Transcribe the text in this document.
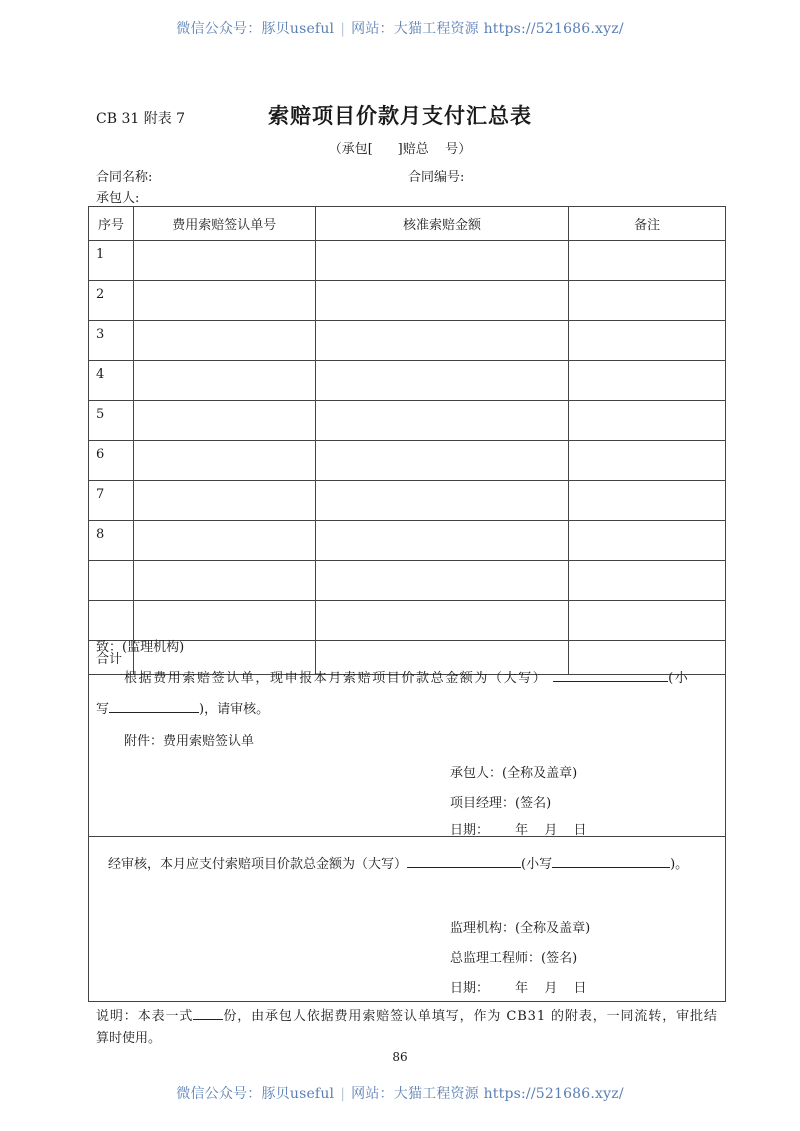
微信公众号：豚贝useful | 网站：大猫工程资源 https://521686.xyz/
CB 31 附表 7	索赔项目价款月支付汇总表
（承包[      ]赔总    号）
合同名称:	合同编号:
承包人:
序号	费用索赔签认单号	核准索赔金额	备注
1			
2			
3			
4			
5			
6			
7			
8			

合计			
致：(监理机构)
根据费用索赔签认单，现申报本月索赔项目价款总金额为（大写）	(小
写	)，请审核。
附件：费用索赔签认单
承包人：(全称及盖章)
项目经理：(签名)
日期： 年 月 日
经审核，本月应支付索赔项目价款总金额为（大写）	(小写	)。
监理机构：(全称及盖章)
总监理工程师：(签名)
日期： 年 月 日
说明：本表一式 份，由承包人依据费用索赔签认单填写，作为 CB31 的附表，一同流转，审批结
算时使用。
86
微信公众号：豚贝useful | 网站：大猫工程资源 https://521686.xyz/
